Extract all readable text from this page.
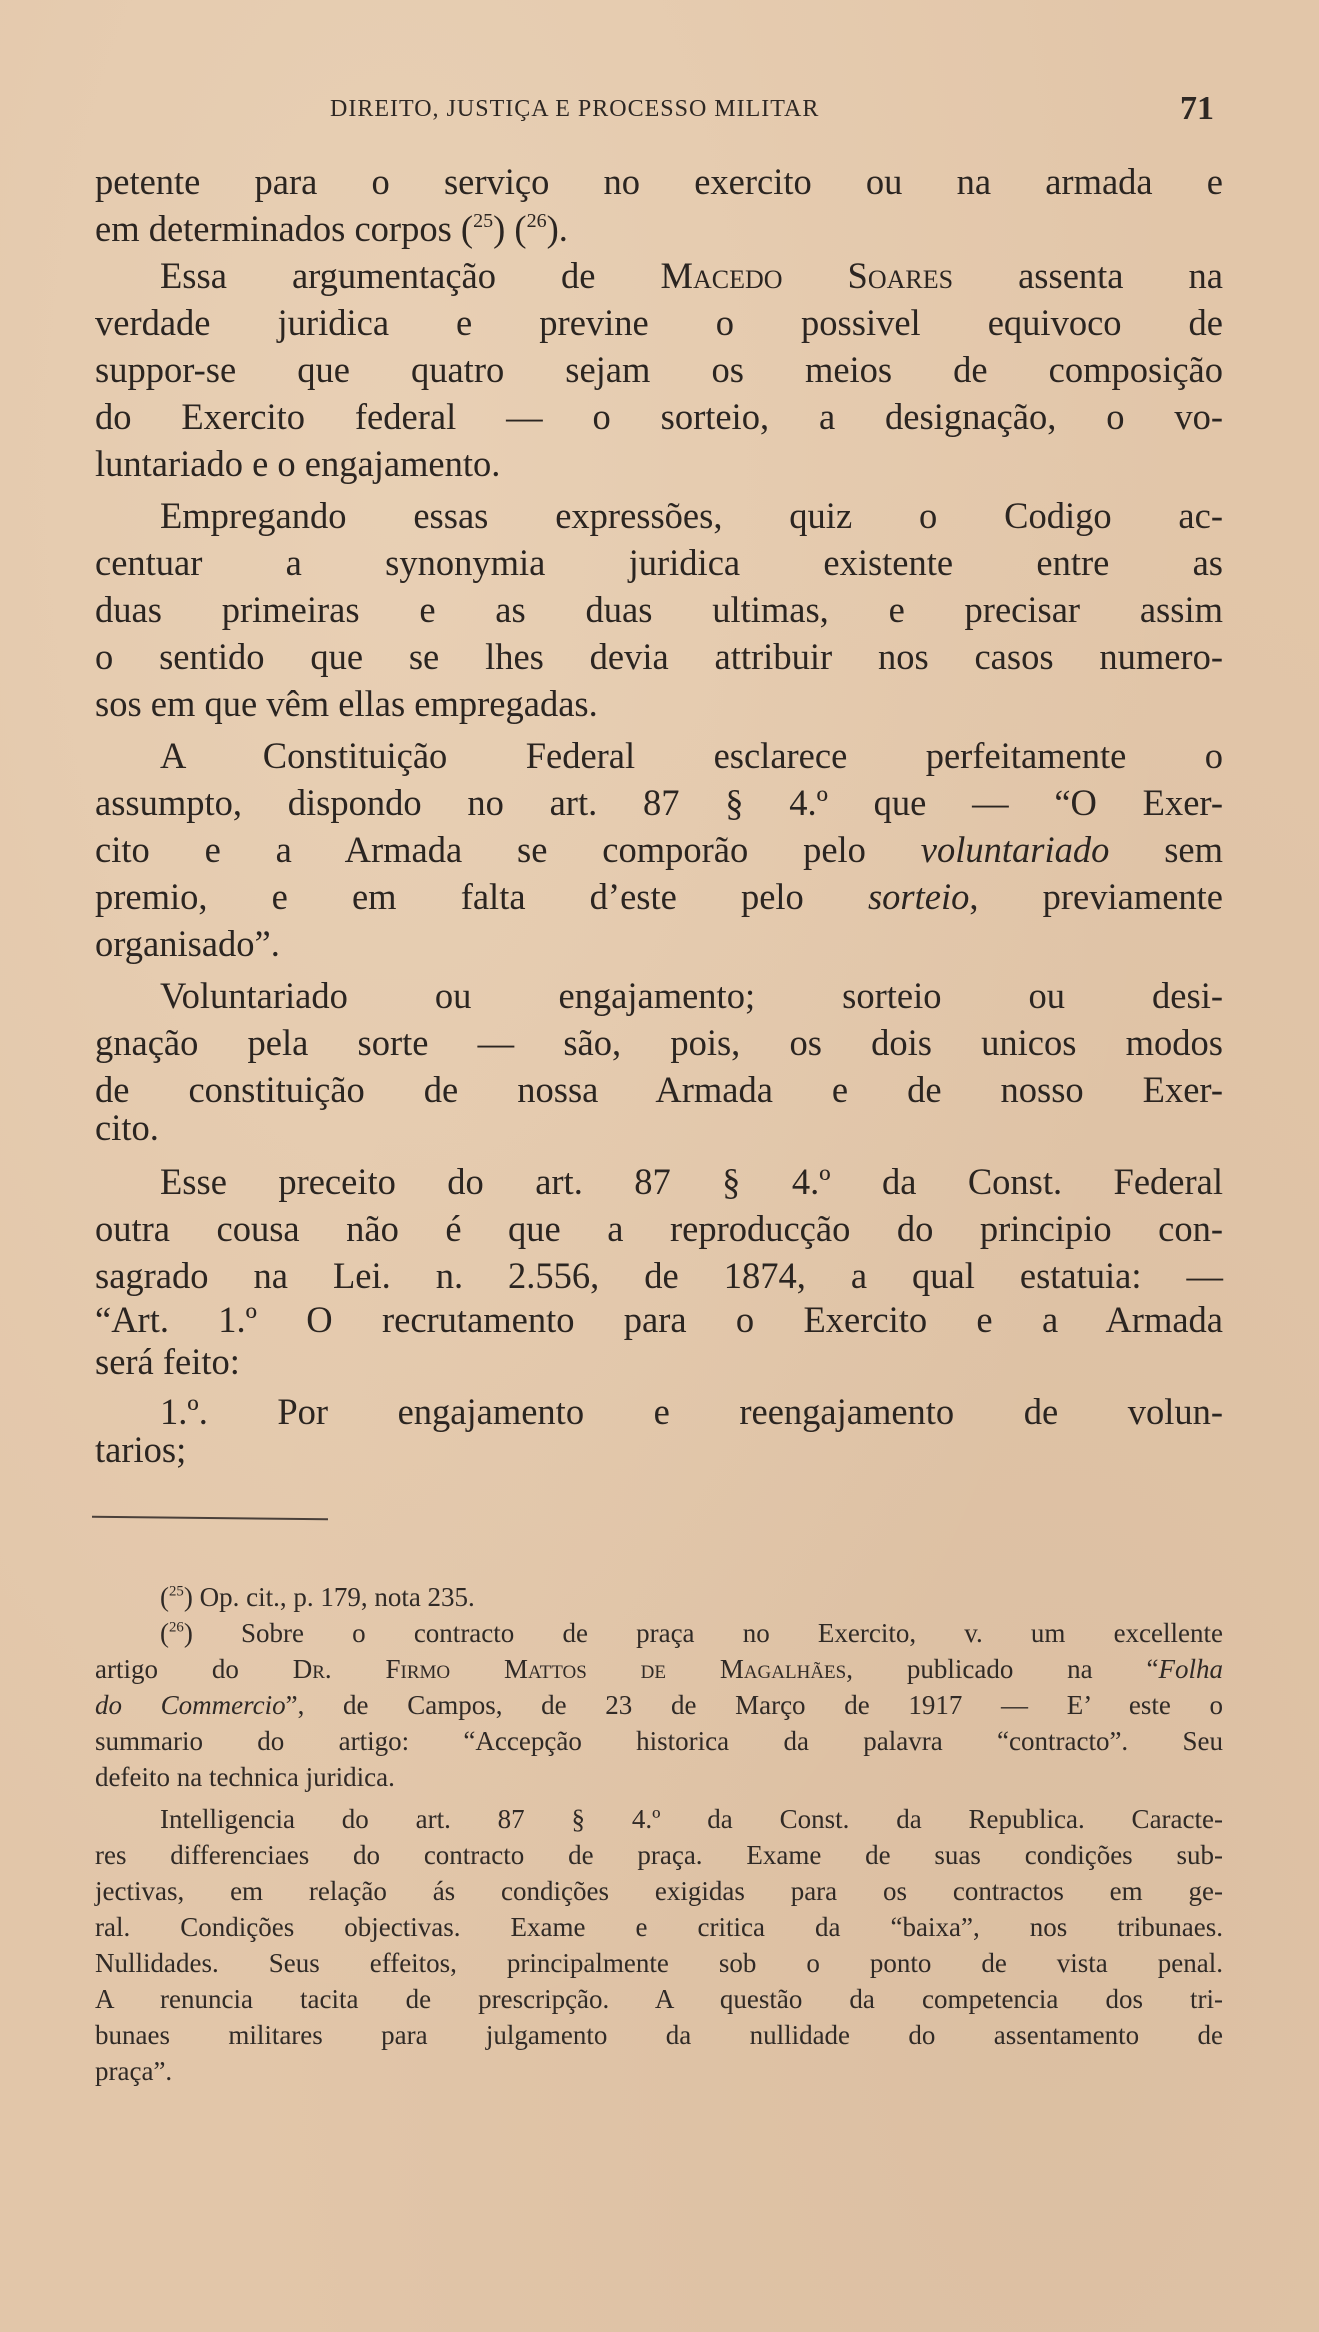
DIREITO, JUSTIÇA E PROCESSO MILITAR	71
petente para o serviço no exercito ou na armada e
em determinados corpos ($^{25}$) ($^{26}$).
Essa argumentação de Macedo Soares assenta na
verdade juridica e previne o possivel equivoco de
suppor-se que quatro sejam os meios de composição
do Exercito federal — o sorteio, a designação, o vo-
luntariado e o engajamento.
Empregando essas expressões, quiz o Codigo ac-
centuar a synonymia juridica existente entre as
duas primeiras e as duas ultimas, e precisar assim
o sentido que se lhes devia attribuir nos casos numero-
sos em que vêm ellas empregadas.
A Constituição Federal esclarece perfeitamente o
assumpto, dispondo no art. 87 § 4.º que — “O Exer-
cito e a Armada se comporão pelo voluntariado sem
premio, e em falta d’este pelo sorteio, previamente
organisado”.
Voluntariado ou engajamento; sorteio ou desi-
gnação pela sorte — são, pois, os dois unicos modos
de constituição de nossa Armada e de nosso Exer-
cito.
Esse preceito do art. 87 § 4.º da Const. Federal
outra cousa não é que a reproducção do principio con-
sagrado na Lei. n. 2.556, de 1874, a qual estatuia: —
“Art. 1.º O recrutamento para o Exercito e a Armada
será feito:
1.º. Por engajamento e reengajamento de volun-
tarios;
($^{25}$) Op. cit., p. 179, nota 235.
($^{26}$) Sobre o contracto de praça no Exercito, v. um excellente
artigo do Dr. Firmo Mattos de Magalhães, publicado na “Folha
do Commercio”, de Campos, de 23 de Março de 1917 — E’ este o
summario do artigo: “Accepção historica da palavra “contracto”. Seu
defeito na technica juridica.
Intelligencia do art. 87 § 4.º da Const. da Republica. Caracte-
res differenciaes do contracto de praça. Exame de suas condições sub-
jectivas, em relação ás condições exigidas para os contractos em ge-
ral. Condições objectivas. Exame e critica da “baixa”, nos tribunaes.
Nullidades. Seus effeitos, principalmente sob o ponto de vista penal.
A renuncia tacita de prescripção. A questão da competencia dos tri-
bunaes militares para julgamento da nullidade do assentamento de
praça”.
